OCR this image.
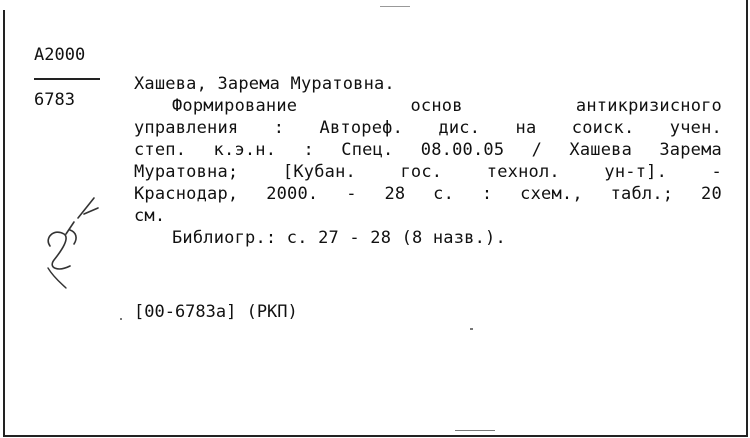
A2000
6783
Хашева, Зарема Муратовна.
Формирование	основ	антикризисного
управления : Автореф. дис. на соиск. учен.
степ. к.э.н. : Спец. 08.00.05 / Хашева Зарема
Муратовна;	[Кубан.	гос.	технол.	ун-т].	-
Краснодар, 2000. - 28 с. : схем., табл.; 20
см.
Библиогр.: с. 27 - 28 (8 назв.).
[00-6783а] (РКП)
